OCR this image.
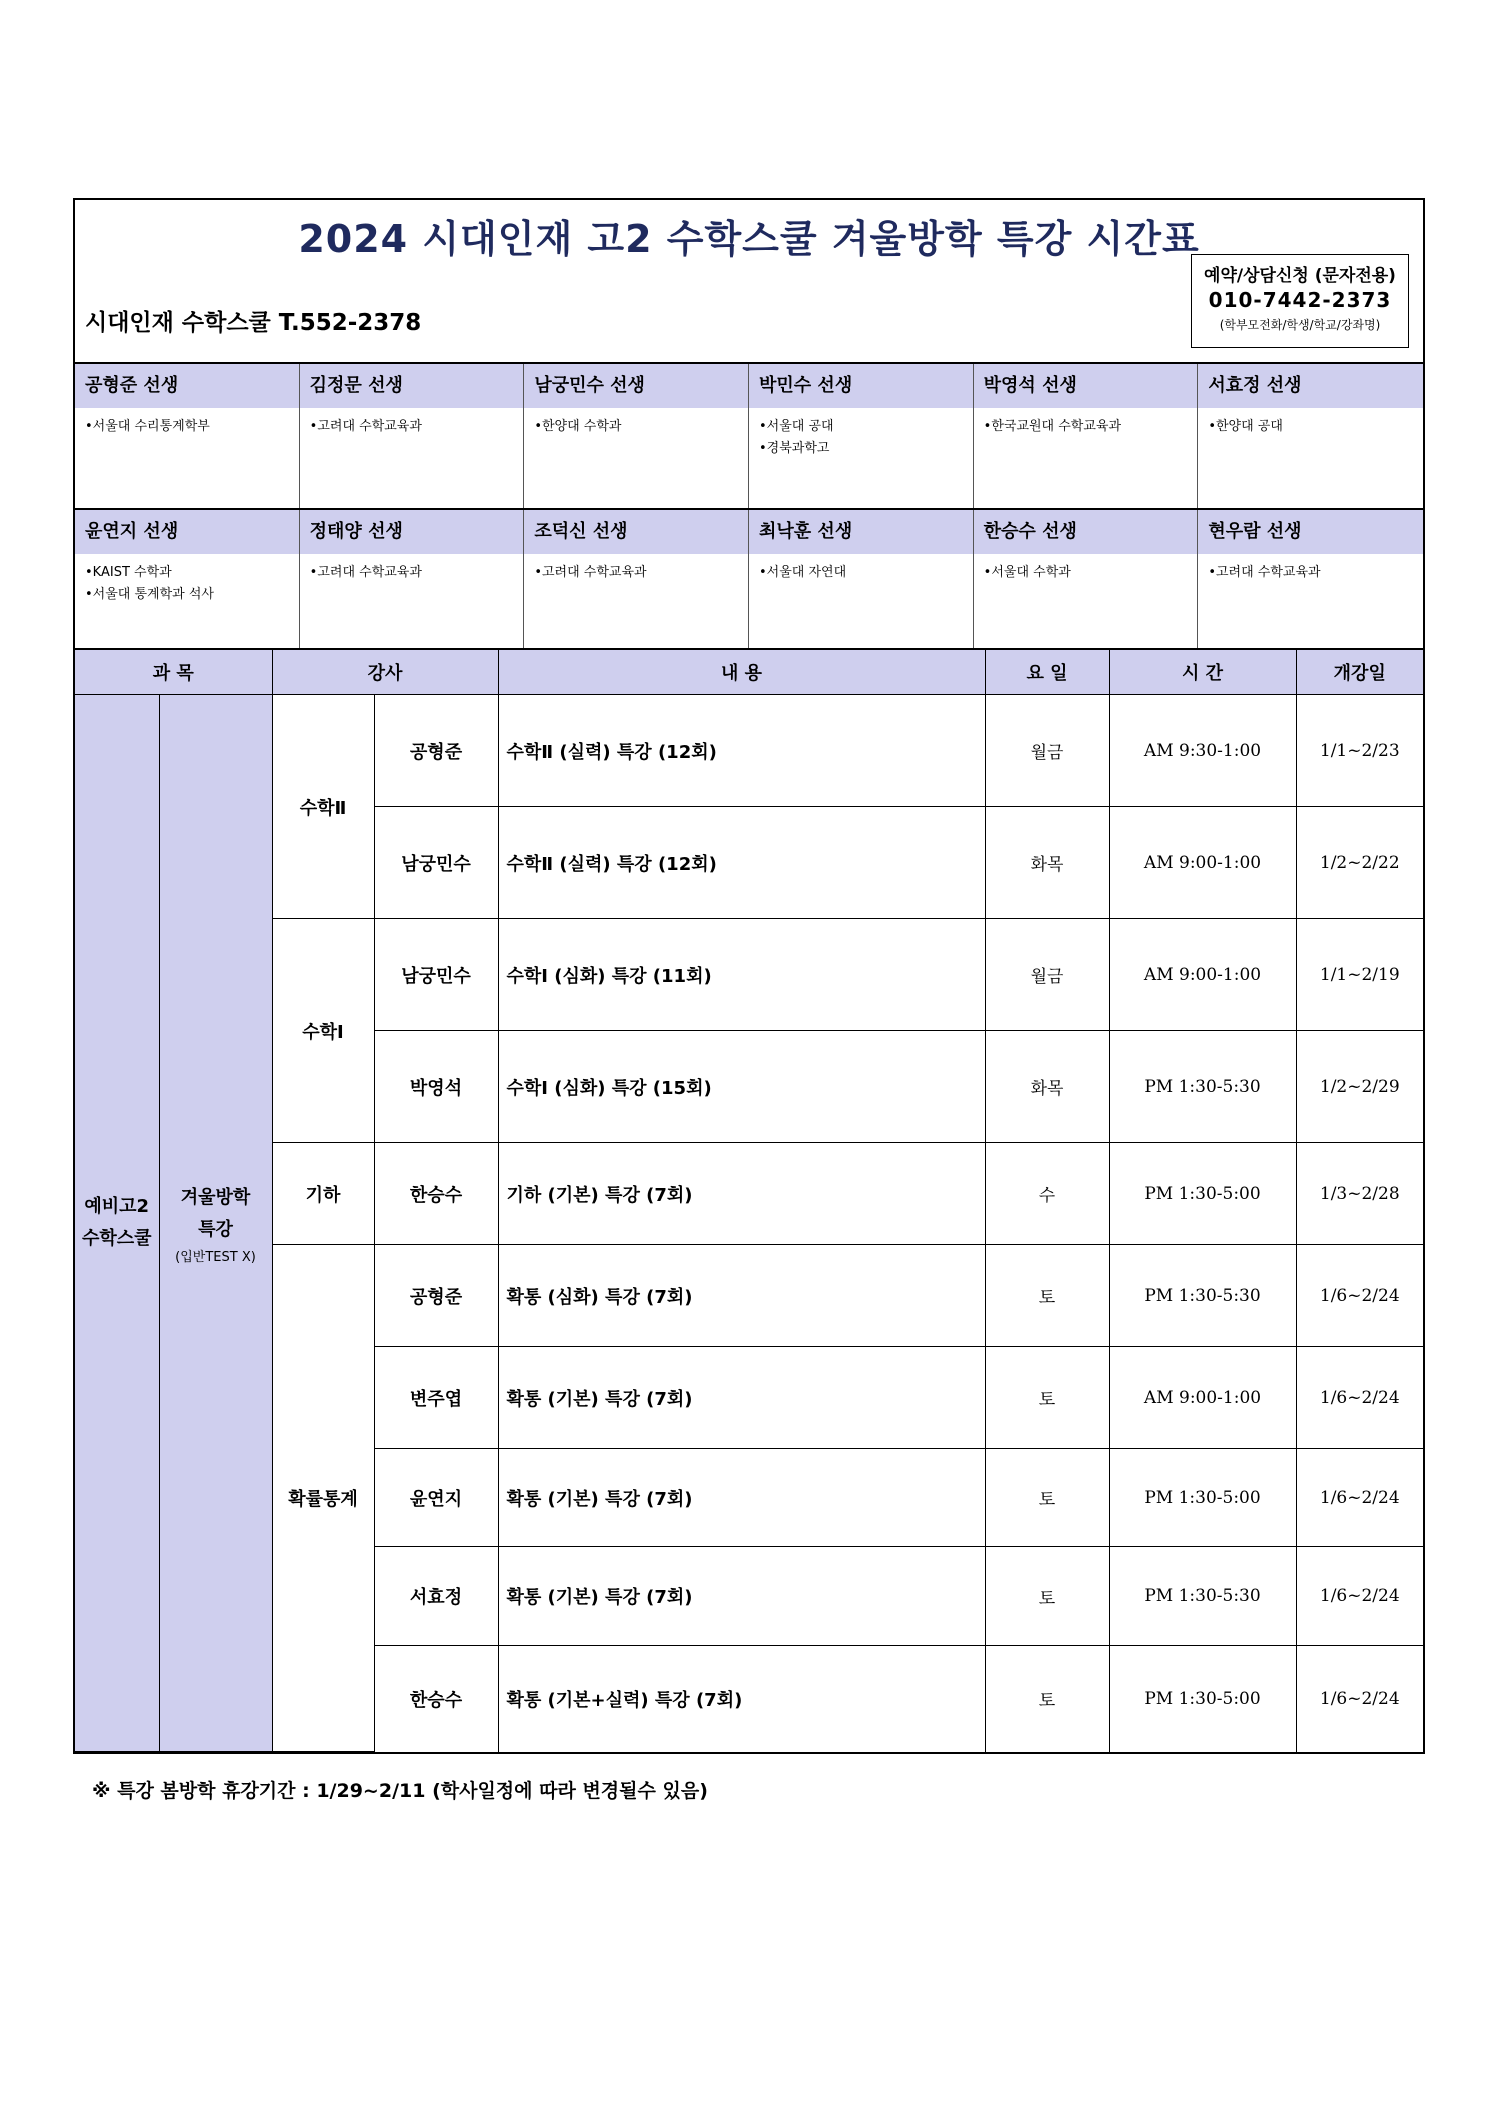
2024 시대인재 고2 수학스쿨 겨울방학 특강 시간표
시대인재 수학스쿨 T.552-2378
예약/상담신청 (문자전용)
010-7442-2373
(학부모전화/학생/학교/강좌명)
공형준 선생
•서울대 수리통계학부
김정문 선생
•고려대 수학교육과
남궁민수 선생
•한양대 수학과
박민수 선생
•서울대 공대
•경북과학고
박영석 선생
•한국교원대 수학교육과
서효정 선생
•한양대 공대
윤연지 선생
•KAIST 수학과
•서울대 통계학과 석사
정태양 선생
•고려대 수학교육과
조덕신 선생
•고려대 수학교육과
최낙훈 선생
•서울대 자연대
한승수 선생
•서울대 수학과
현우람 선생
•고려대 수학교육과
과 목		강사		내 용	요 일	시 간	개강일
예비고2 수학스쿨	겨울방학 특강
(입반TEST X)	수학Ⅱ	공형준	수학Ⅱ (실력) 특강 (12회)	월금	AM 9:30-1:00	1/1~2/23
			남궁민수	수학Ⅱ (실력) 특강 (12회)	화목	AM 9:00-1:00	1/2~2/22
		수학Ⅰ	남궁민수	수학Ⅰ (심화) 특강 (11회)	월금	AM 9:00-1:00	1/1~2/19
			박영석	수학Ⅰ (심화) 특강 (15회)	화목	PM 1:30-5:30	1/2~2/29
		기하	한승수	기하 (기본) 특강 (7회)	수	PM 1:30-5:00	1/3~2/28
		확률통계	공형준	확통 (심화) 특강 (7회)	토	PM 1:30-5:30	1/6~2/24
			변주엽	확통 (기본) 특강 (7회)	토	AM 9:00-1:00	1/6~2/24
			윤연지	확통 (기본) 특강 (7회)	토	PM 1:30-5:00	1/6~2/24
			서효정	확통 (기본) 특강 (7회)	토	PM 1:30-5:30	1/6~2/24
			한승수	확통 (기본+실력) 특강 (7회)	토	PM 1:30-5:00	1/6~2/24
※ 특강 봄방학 휴강기간 : 1/29~2/11 (학사일정에 따라 변경될수 있음)
